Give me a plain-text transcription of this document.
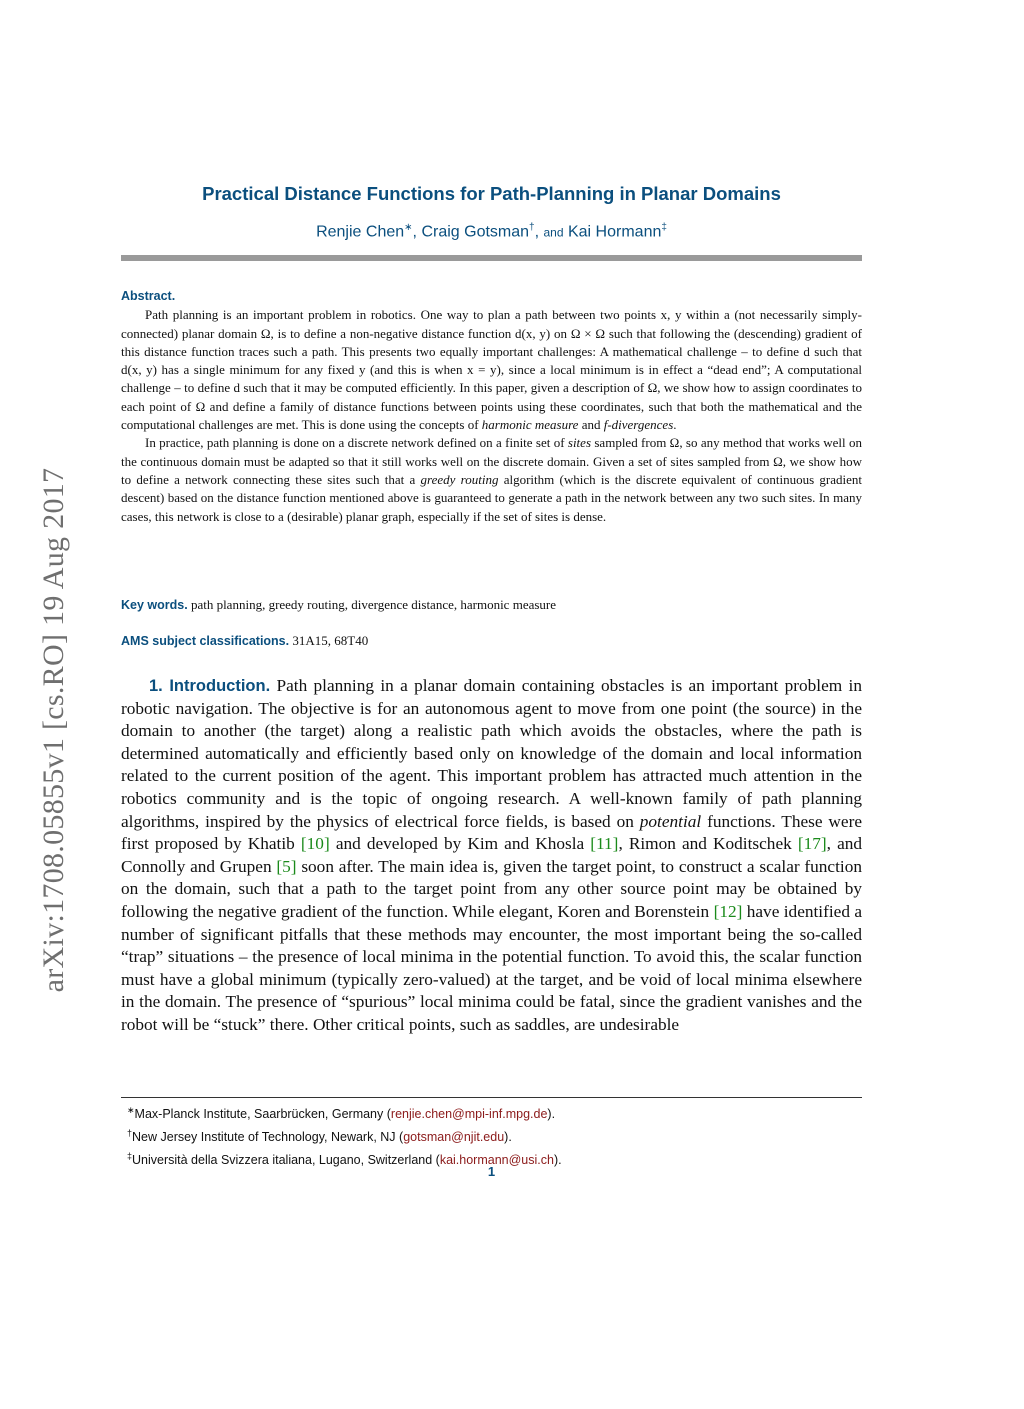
arXiv:1708.05855v1 [cs.RO] 19 Aug 2017
Practical Distance Functions for Path-Planning in Planar Domains
Renjie Chen∗, Craig Gotsman†, and Kai Hormann‡
Abstract.

Path planning is an important problem in robotics. One way to plan a path between two points x, y within a (not necessarily simply-connected) planar domain Ω, is to define a non-negative distance function d(x, y) on Ω × Ω such that following the (descending) gradient of this distance function traces such a path. This presents two equally important challenges: A mathematical challenge – to define d such that d(x, y) has a single minimum for any fixed y (and this is when x = y), since a local minimum is in effect a “dead end”; A computational challenge – to define d such that it may be computed efficiently. In this paper, given a description of Ω, we show how to assign coordinates to each point of Ω and define a family of distance functions between points using these coordinates, such that both the mathematical and the computational challenges are met. This is done using the concepts of harmonic measure and f-divergences.

In practice, path planning is done on a discrete network defined on a finite set of sites sampled from Ω, so any method that works well on the continuous domain must be adapted so that it still works well on the discrete domain. Given a set of sites sampled from Ω, we show how to define a network connecting these sites such that a greedy routing algorithm (which is the discrete equivalent of continuous gradient descent) based on the distance function mentioned above is guaranteed to generate a path in the network between any two such sites. In many cases, this network is close to a (desirable) planar graph, especially if the set of sites is dense.

Key words. path planning, greedy routing, divergence distance, harmonic measure
AMS subject classifications. 31A15, 68T40

1. Introduction. Path planning in a planar domain containing obstacles is an important problem in robotic navigation. The objective is for an autonomous agent to move from one point (the source) in the domain to another (the target) along a realistic path which avoids the obstacles, where the path is determined automatically and efficiently based only on knowledge of the domain and local information related to the current position of the agent. This important problem has attracted much attention in the robotics community and is the topic of ongoing research. A well-known family of path planning algorithms, inspired by the physics of electrical force fields, is based on potential functions. These were first proposed by Khatib [10] and developed by Kim and Khosla [11], Rimon and Koditschek [17], and Connolly and Grupen [5] soon after. The main idea is, given the target point, to construct a scalar function on the domain, such that a path to the target point from any other source point may be obtained by following the negative gradient of the function. While elegant, Koren and Borenstein [12] have identified a number of significant pitfalls that these methods may encounter, the most important being the so-called “trap” situations – the presence of local minima in the potential function. To avoid this, the scalar function must have a global minimum (typically zero-valued) at the target, and be void of local minima elsewhere in the domain. The presence of “spurious” local minima could be fatal, since the gradient vanishes and the robot will be “stuck” there. Other critical points, such as saddles, are undesirable

∗Max-Planck Institute, Saarbrücken, Germany (renjie.chen@mpi-inf.mpg.de).
†New Jersey Institute of Technology, Newark, NJ (gotsman@njit.edu).
‡Università della Svizzera italiana, Lugano, Switzerland (kai.hormann@usi.ch).
1
